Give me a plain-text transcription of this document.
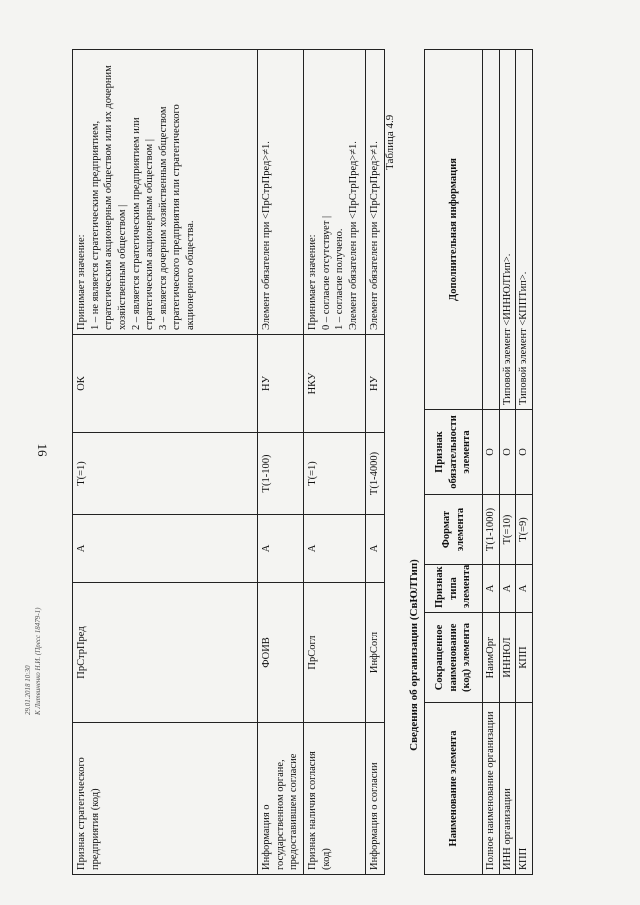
16
Признак стратегического предприятия (код)	ПрСтрПред	А	Т(=1)	ОК	Принимает значение: 1 – не является стратегическим предприятием, стратегическим акционерным обществом или их дочерним хозяйственным обществом | 2 – является стратегическим предприятием или стратегическим акционерным обществом | 3 – является дочерним хозяйственным обществом стратегического предприятия или стратегического акционерного общества.

Информация о государственном органе, предоставившем согласие	ФОИВ	А	Т(1-100)	НУ	Элемент обязателен при <ПрСтрПред>≠1.

Признак наличия согласия (код)	ПрСогл	А	Т(=1)	НКУ	Принимает значение: 0 – согласие отсутствует | 1 – согласие получено. Элемент обязателен при <ПрСтрПред>≠1.

Информация о согласии	ИнфСогл	А	Т(1-4000)	НУ	Элемент обязателен при <ПрСтрПред>≠1. Таблица 4.9
Сведения об организации (СвЮЛТип)
Наименование элемента	Сокращенное наименование (код) элемента	Признак типа элемента	Формат элемента	Признак обязательности элемента	Дополнительная информация
Полное наименование организации	НаимОрг	А	Т(1-1000)	О	
ИНН организации	ИННЮЛ	А	Т(=10)	О	Типовой элемент <ИННЮЛТип>.
КПП	КПП	А	Т(=9)	О	Типовой элемент <КППТип>.
29.01.2018 10:30 К Литвиненко Н.И. (Пресс 18479-1)
